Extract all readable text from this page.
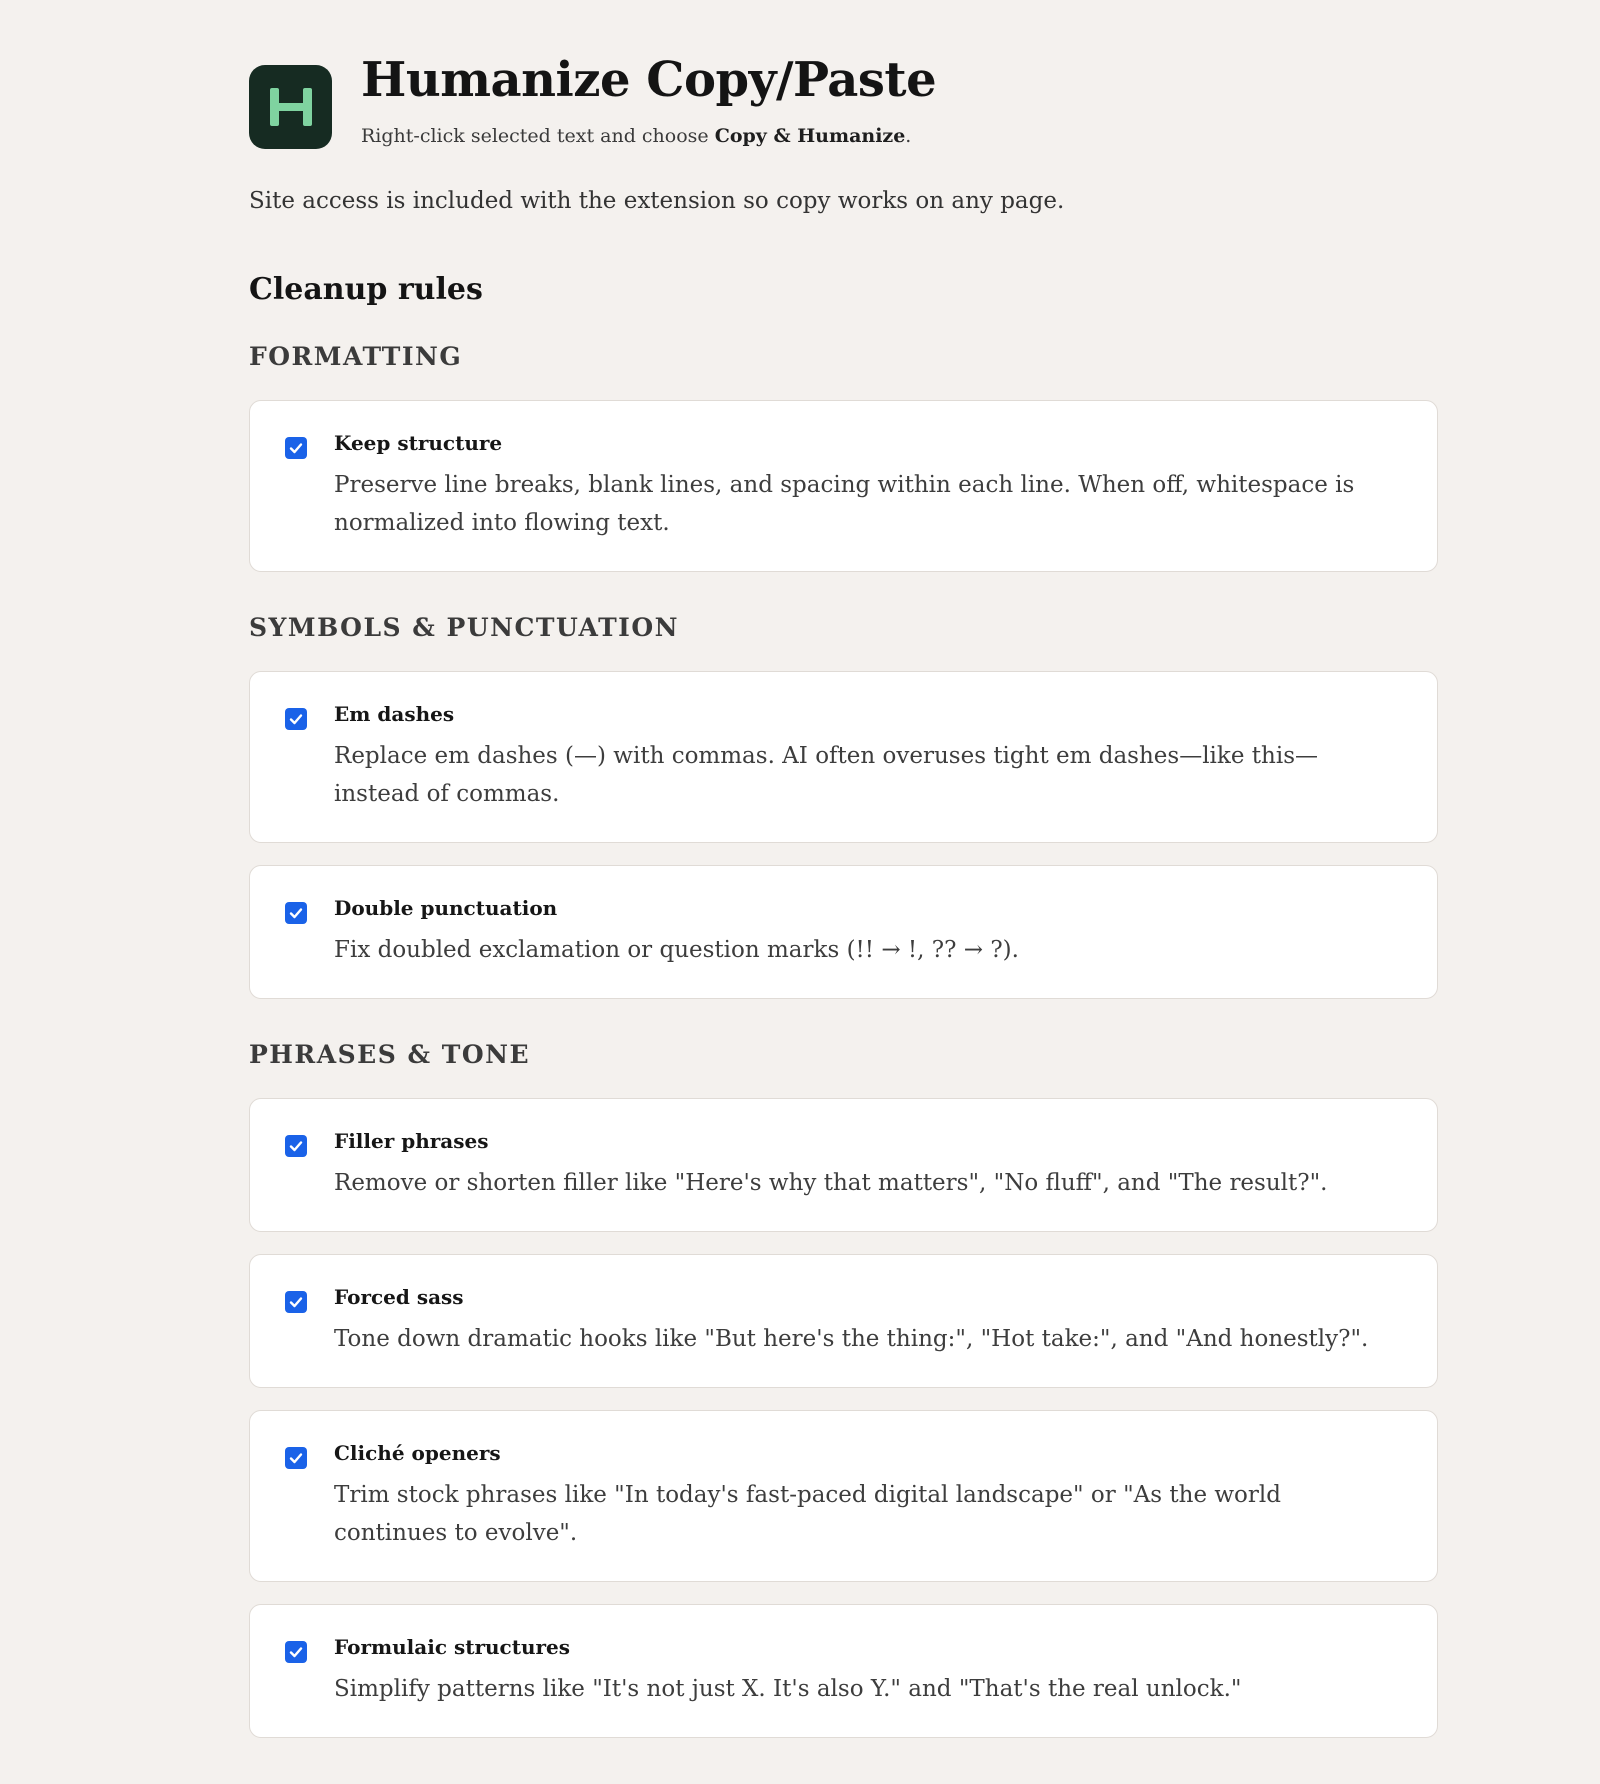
Humanize Copy/Paste
Right-click selected text and choose Copy & Humanize.
Site access is included with the extension so copy works on any page.
Cleanup rules
FORMATTING
Keep structure
Preserve line breaks, blank lines, and spacing within each line. When off, whitespace is normalized into flowing text.
SYMBOLS & PUNCTUATION
Em dashes
Replace em dashes (—) with commas. AI often overuses tight em dashes—like this—instead of commas.
Double punctuation
Fix doubled exclamation or question marks (!! → !, ?? → ?).
PHRASES & TONE
Filler phrases
Remove or shorten filler like "Here's why that matters", "No fluff", and "The result?".
Forced sass
Tone down dramatic hooks like "But here's the thing:", "Hot take:", and "And honestly?".
Cliché openers
Trim stock phrases like "In today's fast-paced digital landscape" or "As the world continues to evolve".
Formulaic structures
Simplify patterns like "It's not just X. It's also Y." and "That's the real unlock."
